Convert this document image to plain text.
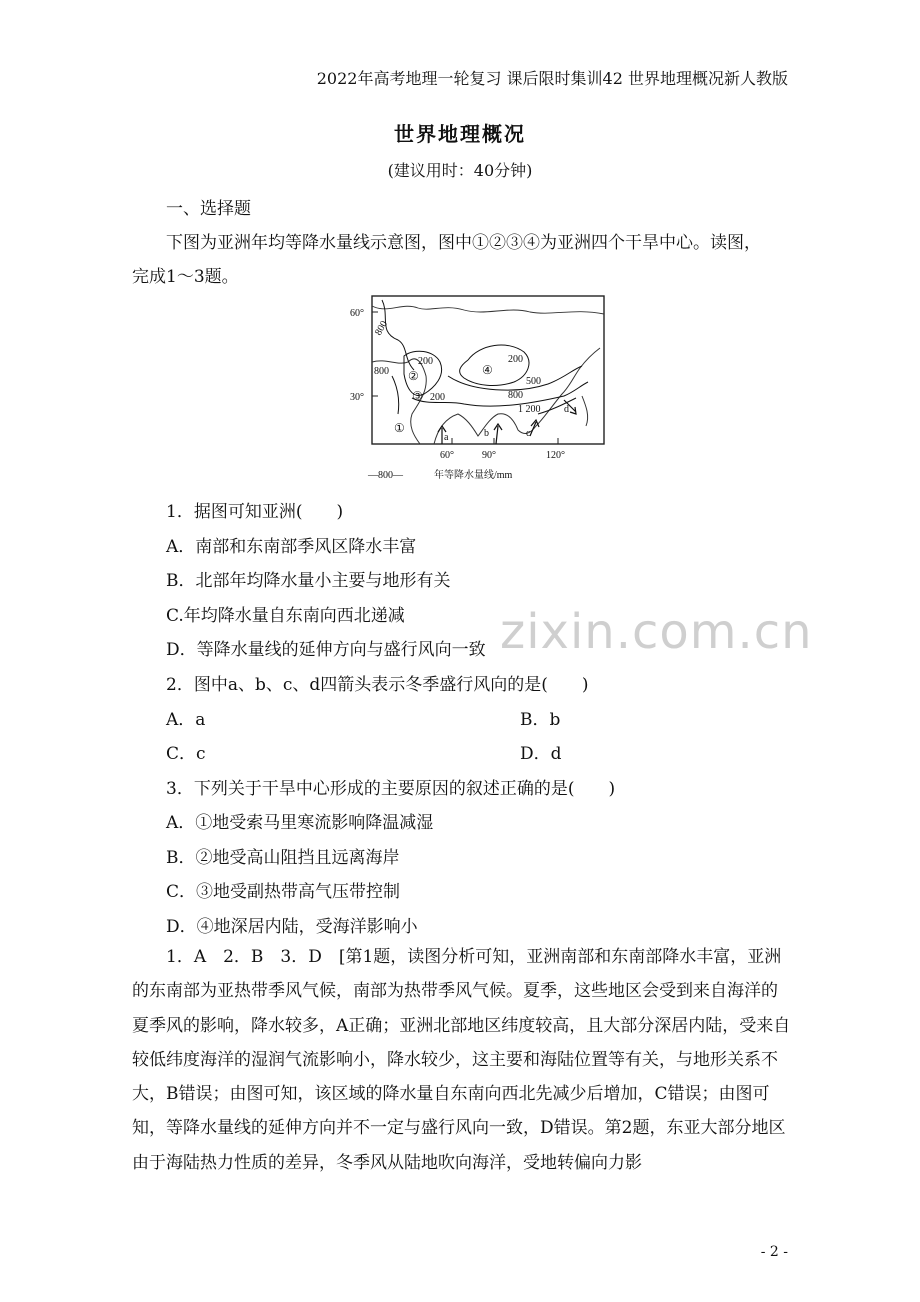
2022年高考地理一轮复习 课后限时集训42 世界地理概况新人教版
世界地理概况
(建议用时：40分钟)
一、选择题
下图为亚洲年均等降水量线示意图，图中①②③④为亚洲四个干旱中心。读图，
完成1～3题。
60°
30°
60°	90°	120°
800
200
200
800
200
500
800
1 200
①
②
③
④
a	b	c
d
—800—	年等降水量线/mm
1．据图可知亚洲(　　)
A．南部和东南部季风区降水丰富
B．北部年均降水量小主要与地形有关
C.年均降水量自东南向西北递减
D．等降水量线的延伸方向与盛行风向一致
2．图中a、b、c、d四箭头表示冬季盛行风向的是(　　)
A．a	B．b
C．c	D．d
3．下列关于干旱中心形成的主要原因的叙述正确的是(　　)
A．①地受索马里寒流影响降温减湿
B．②地受高山阻挡且远离海岸
C．③地受副热带高气压带控制
D．④地深居内陆，受海洋影响小
1．A　2．B　3．D　[第1题，读图分析可知，亚洲南部和东南部降水丰富，亚洲的东南部为亚热带季风气候，南部为热带季风气候。夏季，这些地区会受到来自海洋的夏季风的影响，降水较多，A正确；亚洲北部地区纬度较高，且大部分深居内陆，受来自较低纬度海洋的湿润气流影响小，降水较少，这主要和海陆位置等有关，与地形关系不大，B错误；由图可知，该区域的降水量自东南向西北先减少后增加，C错误；由图可知，等降水量线的延伸方向并不一定与盛行风向一致，D错误。第2题，东亚大部分地区由于海陆热力性质的差异，冬季风从陆地吹向海洋，受地转偏向力影
zixin.com.cn
- 2 -
